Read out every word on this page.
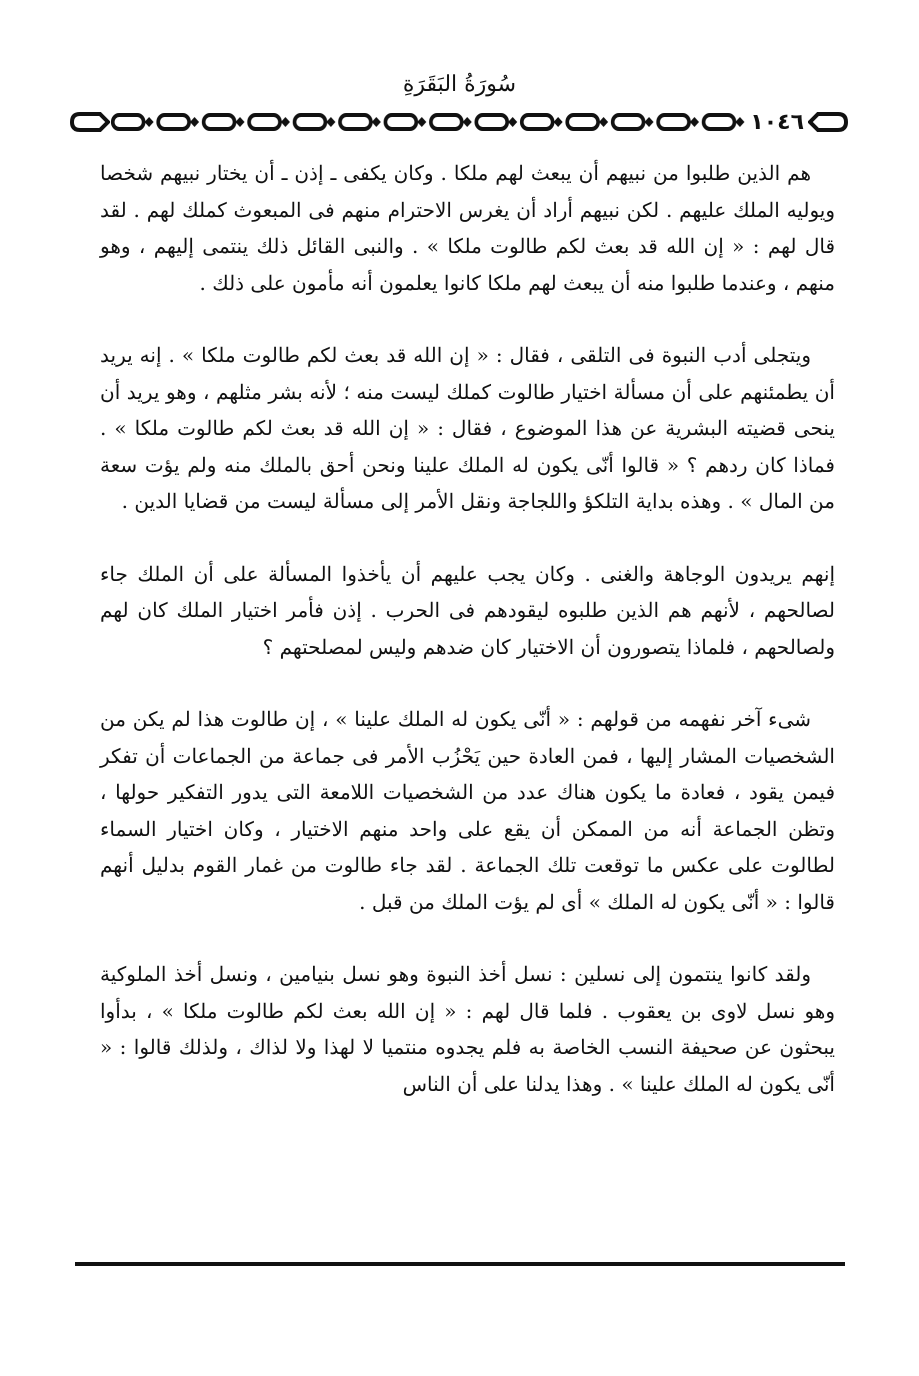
سُورَةُ البَقَرَةِ
١٠٤٦

هم الذين طلبوا من نبيهم أن يبعث لهم ملكا . وكان يكفى ـ إذن ـ أن يختار نبيهم شخصا ويوليه الملك عليهم . لكن نبيهم أراد أن يغرس الاحترام منهم فى المبعوث كملك لهم . لقد قال لهم : « إن الله قد بعث لكم طالوت ملكا » . والنبى القائل ذلك ينتمى إليهم ، وهو منهم ، وعندما طلبوا منه أن يبعث لهم ملكا كانوا يعلمون أنه مأمون على ذلك .

ويتجلى أدب النبوة فى التلقى ، فقال : « إن الله قد بعث لكم طالوت ملكا » . إنه يريد أن يطمئنهم على أن مسألة اختيار طالوت كملك ليست منه ؛ لأنه بشر مثلهم ، وهو يريد أن ينحى قضيته البشرية عن هذا الموضوع ، فقال : « إن الله قد بعث لكم طالوت ملكا » . فماذا كان ردهم ؟ « قالوا أنّى يكون له الملك علينا ونحن أحق بالملك منه ولم يؤت سعة من المال » . وهذه بداية التلكؤ واللجاجة ونقل الأمر إلى مسألة ليست من قضايا الدين .

إنهم يريدون الوجاهة والغنى . وكان يجب عليهم أن يأخذوا المسألة على أن الملك جاء لصالحهم ، لأنهم هم الذين طلبوه ليقودهم فى الحرب . إذن فأمر اختيار الملك كان لهم ولصالحهم ، فلماذا يتصورون أن الاختيار كان ضدهم وليس لمصلحتهم ؟

شىء آخر نفهمه من قولهم : « أنّى يكون له الملك علينا » ، إن طالوت هذا لم يكن من الشخصيات المشار إليها ، فمن العادة حين يَحْزُب الأمر فى جماعة من الجماعات أن تفكر فيمن يقود ، فعادة ما يكون هناك عدد من الشخصيات اللامعة التى يدور التفكير حولها ، وتظن الجماعة أنه من الممكن أن يقع على واحد منهم الاختيار ، وكان اختيار السماء لطالوت على عكس ما توقعت تلك الجماعة . لقد جاء طالوت من غمار القوم بدليل أنهم قالوا : « أنّى يكون له الملك » أى لم يؤت الملك من قبل .

ولقد كانوا ينتمون إلى نسلين : نسل أخذ النبوة وهو نسل بنيامين ، ونسل أخذ الملوكية وهو نسل لاوى بن يعقوب . فلما قال لهم : « إن الله بعث لكم طالوت ملكا » ، بدأوا يبحثون عن صحيفة النسب الخاصة به فلم يجدوه منتميا لا لهذا ولا لذاك ، ولذلك قالوا : « أنّى يكون له الملك علينا » . وهذا يدلنا على أن الناس
